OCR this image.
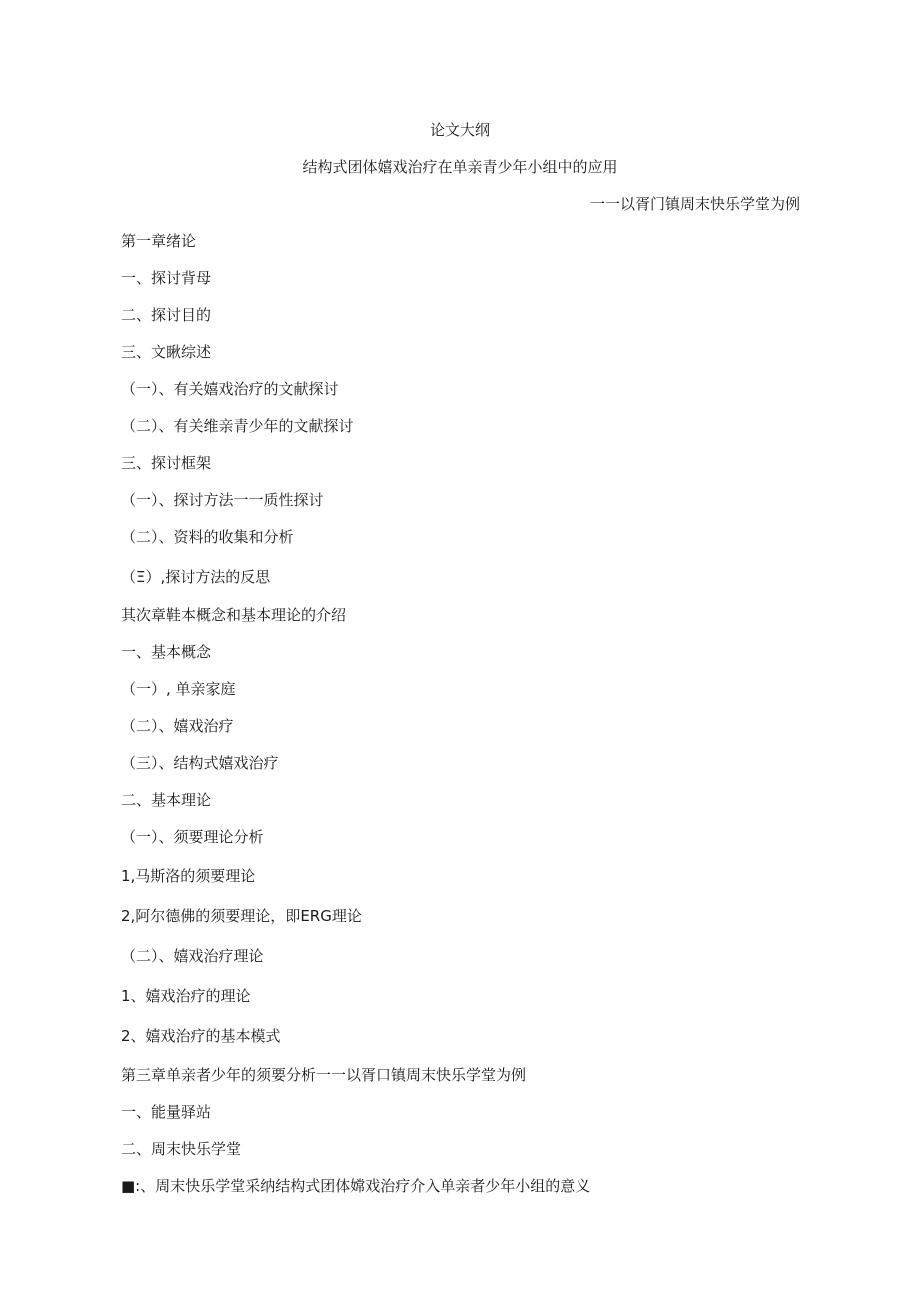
论文大纲
结构式团体嬉戏治疗在单亲青少年小组中的应用
一一以胥门镇周末快乐学堂为例
第一章绪论
一、探讨背母
二、探讨目的
三、文瞅综述
（一）、有关嬉戏治疗的文献探讨
（二）、有关维亲青少年的文献探讨
三、探讨框架
（一）、探讨方法一一质性探讨
（二）、资料的收集和分析
（Ξ）,探讨方法的反思
其次章鞋本概念和基本理论的介绍
一、基本概念
（一）, 单亲家庭
（二）、嬉戏治疗
（三）、结构式嬉戏治疗
二、基本理论
（一）、须要理论分析
1,马斯洛的须要理论
2,阿尔德佛的须要理论，即ERG理论
（二）、嬉戏治疗理论
1、嬉戏治疗的理论
2、嬉戏治疗的基本模式
第三章单亲者少年的须要分析一一以胥口镇周末快乐学堂为例
一、能量驿站
二、周末快乐学堂
■:、周末快乐学堂采纳结构式团体嫦戏治疗介入单亲者少年小组的意义
